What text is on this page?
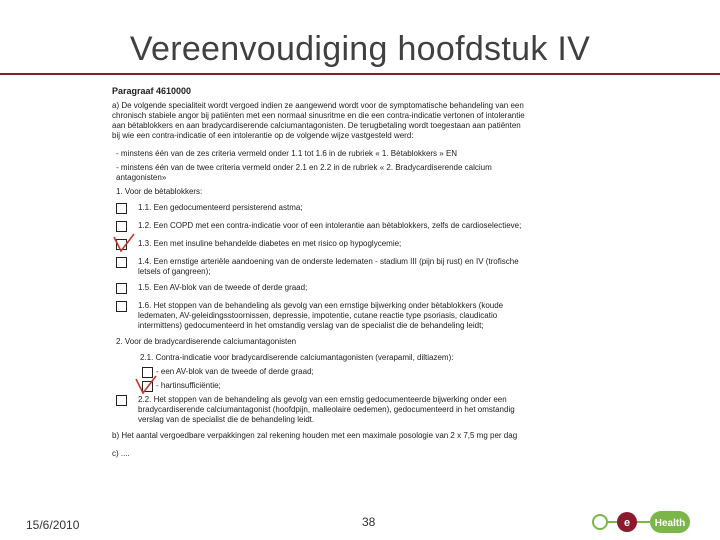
Vereenvoudiging hoofdstuk IV
Paragraaf 4610000
a) De volgende specialiteit wordt vergoed indien ze aangewend wordt voor de symptomatische behandeling van een chronisch stabiele angor bij patiënten met een normaal sinusritme en die een contra-indicatie vertonen of intolerantie aan bètablokkers en aan bradycardiserende calciumantagonisten. De terugbetaling wordt toegestaan aan patiënten bij wie een contra-indicatie of een intolerantie op de volgende wijze vastgesteld werd:
- minstens één van de zes criteria vermeld onder 1.1 tot 1.6 in de rubriek « 1. Bètablokkers » EN
- minstens één van de twee criteria vermeld onder 2.1 en 2.2 in de rubriek « 2. Bradycardiserende calcium antagonisten»
1. Voor de bètablokkers:
1.1. Een gedocumenteerd persisterend astma;
1.2. Een COPD met een contra-indicatie voor of een intolerantie aan bètablokkers, zelfs de cardioselectieve;
1.3. Een met insuline behandelde diabetes en met risico op hypoglycemie;
1.4. Een ernstige arteriële aandoening van de onderste ledematen - stadium III (pijn bij rust) en IV (trofische letsels of gangreen);
1.5. Een AV-blok van de tweede of derde graad;
1.6. Het stoppen van de behandeling als gevolg van een ernstige bijwerking onder bètablokkers (koude ledematen, AV-geleidingsstoornissen, depressie, impotentie, cutane reactie type psoriasis, claudicatio intermittens) gedocumenteerd in het omstandig verslag van de specialist die de behandeling leidt;
2. Voor de bradycardiserende calciumantagonisten
2.1. Contra-indicatie voor bradycardiserende calciumantagonisten (verapamil, diltiazem):
- een AV-blok van de tweede of derde graad;
- hartinsufficiëntie;
2.2. Het stoppen van de behandeling als gevolg van een ernstig gedocumenteerde bijwerking onder een bradycardiserende calciumantagonist (hoofdpijn, malleolaire oedemen), gedocumenteerd in het omstandig verslag van de specialist die de behandeling leidt.
b) Het aantal vergoedbare verpakkingen zal rekening houden met een maximale posologie van 2 x 7,5 mg per dag
c) ....
15/6/2010	38	e Health
